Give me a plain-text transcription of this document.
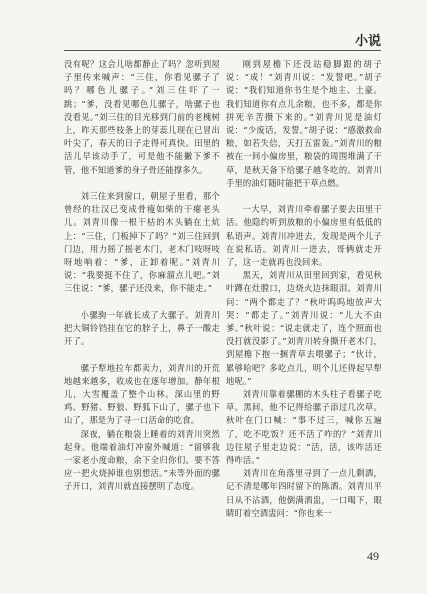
小说

没有呢？这会儿啥都静止了吗？忽听到屋子里传来喊声：“三住，你看见骡子了吗？哪色儿骡子。”刘三住吓了一跳；“爹，没看见哪色儿骡子，啥骡子也没看见。”刘三住的目光移到门前的老槐树上，昨天那些枝条上的芽蕊儿现在已冒出叶尖了，春天的日子走得可真快。田里的活儿早该动手了，可是他不能撇下爹不管，他不知道爹的身子骨还能撑多久。

刘三住来到窗口，朝屋子里看，那个曾经的壮汉已变成骨瘦如柴的干瘪老头儿。刘青川像一根干枯的木头躺在土炕上：“三住，门板掉下了吗？”刘三住回到门边，用力摇了摇老木门，老木门吱呀吱呀地响着：“爹，正卸着呢。”刘青川说：“我要挺不住了，你麻溜点儿吧。”刘三住说：“爹，骡子还没来，你不能走。”

小骡驹一年就长成了大骡子。刘青川把大铜铃铛挂在它的脖子上，鼻子一酸走开了。

骡子犁地拉车都卖力，刘青川的开荒地越来越多，收成也在逐年增加。静年根儿，大雪覆盖了整个山林。深山里的野鸡、野猪、野狼、野狐下山了，骡子也下山了，那是为了寻一口活命的吃食。

深夜，躺在粮袋上睡着的刘青川突然起身。他端着油灯冲窗外喊道：“留够我一家老小度命粮，余下全归你们。要不答应一把火烧掉谁也别想活。”未等外面的骡子开口，刘青川就直接摆明了态度。

刚到屋檐下还没站稳脚跟的胡子说：“成！”刘青川说：“发誓吧。”胡子说：“我们知道你书生是个地主、土豪。我们知道你有点儿余粮，也不多，都是你拼死辛苦攒下来的。”刘青川见是油灯说：“少废话，发誓。”胡子说：“感激救命粮，如若失信，天打五雷轰。”刘青川的粮被在一间小偏房里，粮袋的周围堆满了干草，是秋天备下给骡子越冬吃的。刘青川手里的油灯随时能把干草点燃。

一大早，刘青川牵着骡子要去田里干活。他隐约听到放粮的小偏房里有低低的私语声。刘青川冲进去，发现是两个儿子在说私话。刘青川一进去，哥俩就走开了，这一走就再也没回来。

黑天，刘青川从田里回到家，看见秋叶蹲在灶膛口，边烧火边抹眼泪。刘青川问：“两个都走了？”秋叶呜呜地放声大哭：“都走了。”刘青川说：“儿大不由爹。”秋叶说：“说走就走了，连个照面也没打就没影了。”刘青川转身撕开老木门，到屋檐下抱一捆青草去喂骡子；“伙计，累够哈吧？多吃点儿，明个儿还得起早犁地呢。”

刘青川靠着骡棚的木头柱子看骡子吃草。黑间，他不记得给骡子添过几次草。秋叶在门口喊：“事不过三，喊你五遍了，吃不吃饭？还不活了咋的？”刘青川边往屋子里走边说：“活，活，该咋活还得咋活。”

刘青川在角落里寻到了一点儿剩酒，记不清是哪年四时留下的陈酒。刘青川平日从不沾酒，他倒满酒盅，一口喝下，眼睛盯着空酒盅问：“你也来一

49
